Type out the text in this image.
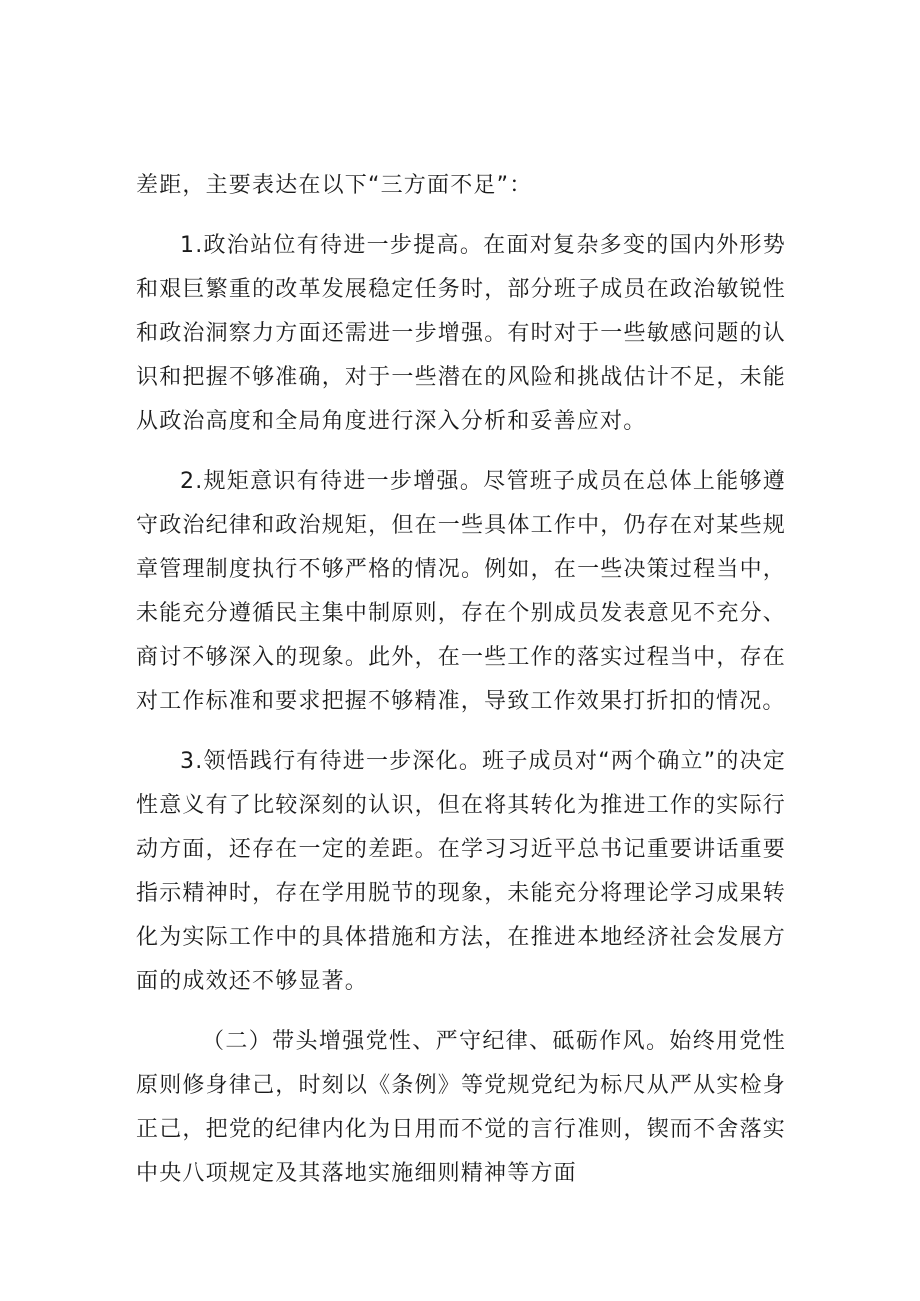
差距，主要表达在以下“三方面不足”：

1.政治站位有待进一步提高。在面对复杂多变的国内外形势和艰巨繁重的改革发展稳定任务时，部分班子成员在政治敏锐性和政治洞察力方面还需进一步增强。有时对于一些敏感问题的认识和把握不够准确，对于一些潜在的风险和挑战估计不足，未能从政治高度和全局角度进行深入分析和妥善应对。

2.规矩意识有待进一步增强。尽管班子成员在总体上能够遵守政治纪律和政治规矩，但在一些具体工作中，仍存在对某些规章管理制度执行不够严格的情况。例如，在一些决策过程当中，未能充分遵循民主集中制原则，存在个别成员发表意见不充分、商讨不够深入的现象。此外，在一些工作的落实过程当中，存在对工作标准和要求把握不够精准，导致工作效果打折扣的情况。

3.领悟践行有待进一步深化。班子成员对“两个确立”的决定性意义有了比较深刻的认识，但在将其转化为推进工作的实际行动方面，还存在一定的差距。在学习习近平总书记重要讲话重要指示精神时，存在学用脱节的现象，未能充分将理论学习成果转化为实际工作中的具体措施和方法，在推进本地经济社会发展方面的成效还不够显著。

（二）带头增强党性、严守纪律、砥砺作风。始终用党性原则修身律己，时刻以《条例》等党规党纪为标尺从严从实检身正己，把党的纪律内化为日用而不觉的言行准则，锲而不舍落实中央八项规定及其落地实施细则精神等方面
